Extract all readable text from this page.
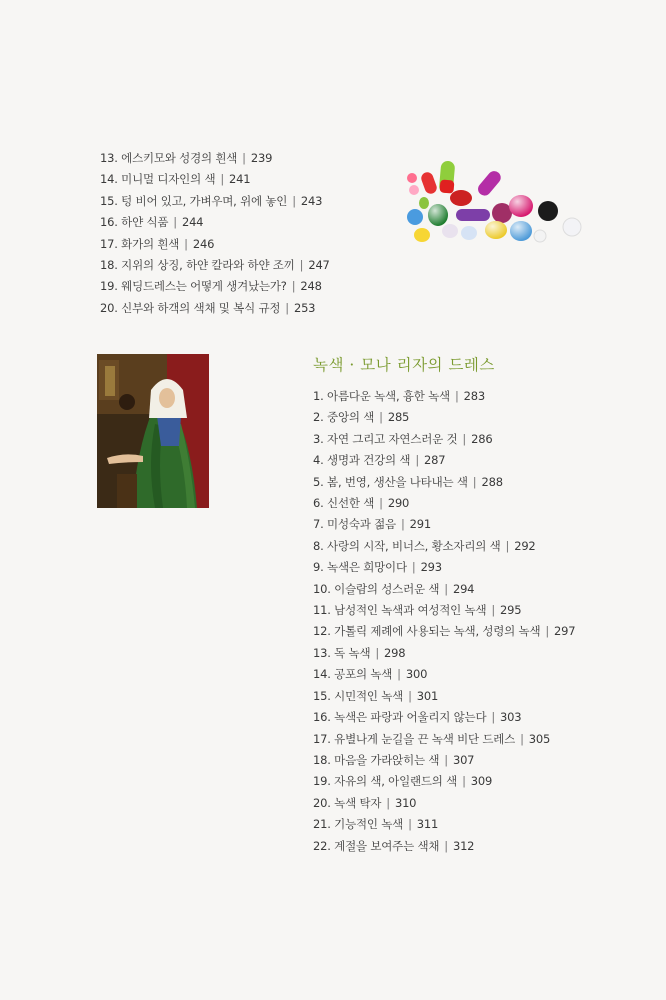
13. 에스키모와 성경의 흰색 | 239
14. 미니멀 디자인의 색 | 241
15. 텅 비어 있고, 가벼우며, 위에 놓인 | 243
16. 하얀 식품 | 244
17. 화가의 흰색 | 246
18. 지위의 상징, 하얀 칼라와 하얀 조끼 | 247
19. 웨딩드레스는 어떻게 생겨났는가? | 248
20. 신부와 하객의 색채 및 복식 규정 | 253
녹색 · 모나 리자의 드레스
1. 아름다운 녹색, 흉한 녹색 | 283
2. 중앙의 색 | 285
3. 자연 그리고 자연스러운 것 | 286
4. 생명과 건강의 색 | 287
5. 봄, 번영, 생산을 나타내는 색 | 288
6. 신선한 색 | 290
7. 미성숙과 젊음 | 291
8. 사랑의 시작, 비너스, 황소자리의 색 | 292
9. 녹색은 희망이다 | 293
10. 이슬람의 성스러운 색 | 294
11. 남성적인 녹색과 여성적인 녹색 | 295
12. 가톨릭 제례에 사용되는 녹색, 성령의 녹색 | 297
13. 독 녹색 | 298
14. 공포의 녹색 | 300
15. 시민적인 녹색 | 301
16. 녹색은 파랑과 어울리지 않는다 | 303
17. 유별나게 눈길을 끈 녹색 비단 드레스 | 305
18. 마음을 가라앉히는 색 | 307
19. 자유의 색, 아일랜드의 색 | 309
20. 녹색 탁자 | 310
21. 기능적인 녹색 | 311
22. 계절을 보여주는 색채 | 312
